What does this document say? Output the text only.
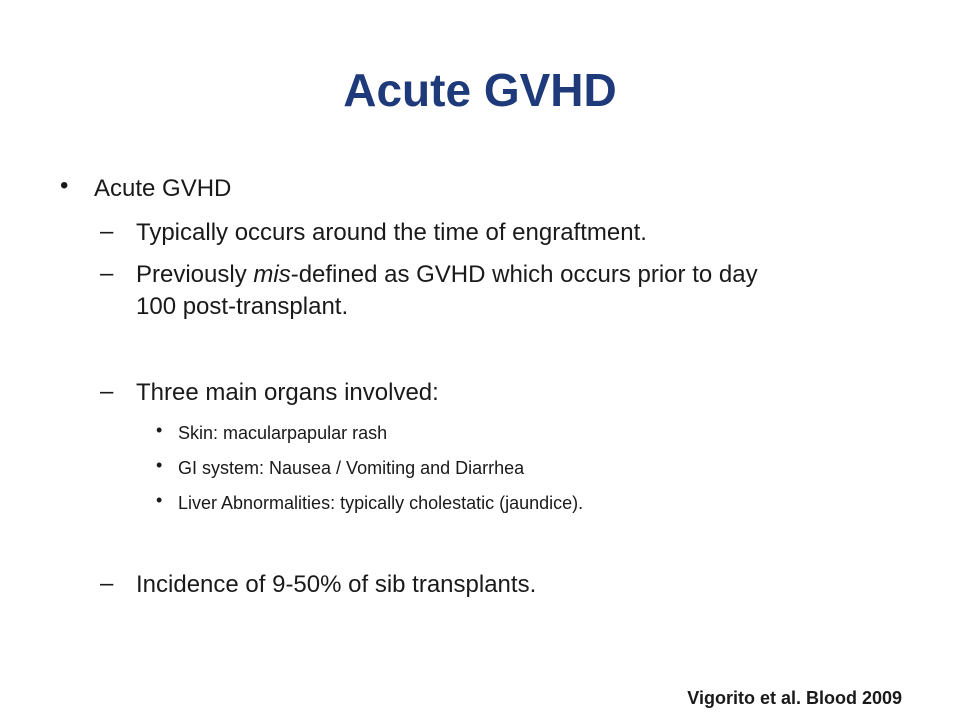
Acute GVHD
• Acute GVHD
– Typically occurs around the time of engraftment.
– Previously mis-defined as GVHD which occurs prior to day
100 post-transplant.
– Three main organs involved:
• Skin: macularpapular rash
• GI system: Nausea / Vomiting and Diarrhea
• Liver Abnormalities: typically cholestatic (jaundice).
– Incidence of 9-50% of sib transplants.
Vigorito et al. Blood 2009
